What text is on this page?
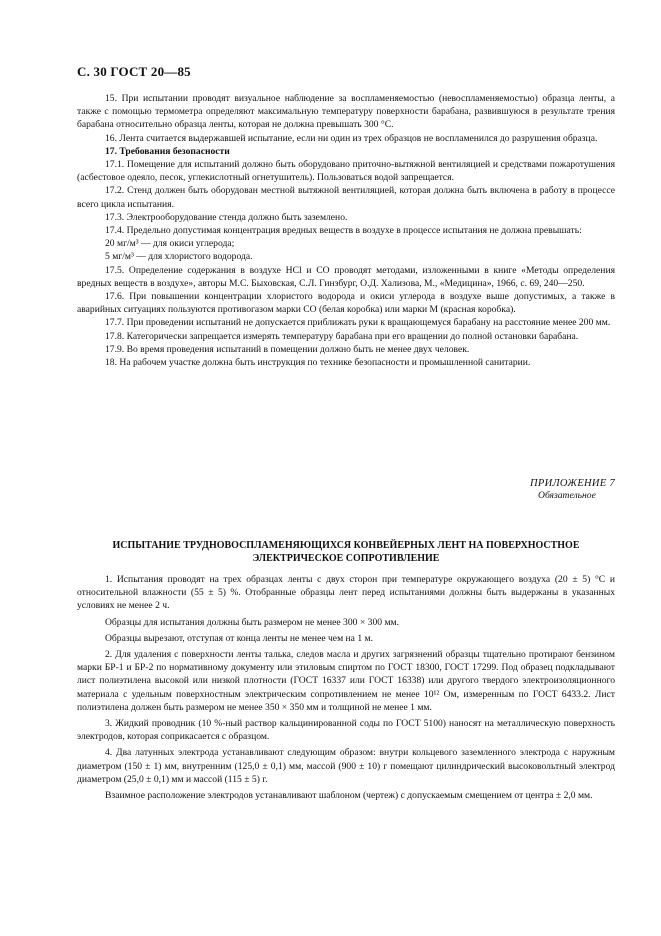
С. 30 ГОСТ 20—85

15. При испытании проводят визуальное наблюдение за воспламеняемостью (невоспламеняемостью) образца ленты, а также с помощью термометра определяют максимальную температуру поверхности барабана, развившуюся в результате трения барабана относительно образца ленты, которая не должна превышать 300 °С.

16. Лента считается выдержавшей испытание, если ни один из трех образцов не воспламенился до разрушения образца.

17. Требования безопасности

17.1. Помещение для испытаний должно быть оборудовано приточно-вытяжной вентиляцией и средствами пожаротушения (асбестовое одеяло, песок, углекислотный огнетушитель). Пользоваться водой запрещается.

17.2. Стенд должен быть оборудован местной вытяжной вентиляцией, которая должна быть включена в работу в процессе всего цикла испытания.

17.3. Электрооборудование стенда должно быть заземлено.

17.4. Предельно допустимая концентрация вредных веществ в воздухе в процессе испытания не должна превышать:

20 мг/м³ — для окиси углерода;

5 мг/м³ — для хлористого водорода.

17.5. Определение содержания в воздухе HCl и CO проводят методами, изложенными в книге «Методы определения вредных веществ в воздухе», авторы М.С. Быховская, С.Л. Гинзбург, О.Д. Хализова, М., «Медицина», 1966, с. 69, 240—250.

17.6. При повышении концентрации хлористого водорода и окиси углерода в воздухе выше допустимых, а также в аварийных ситуациях пользуются противогазом марки CO (белая коробка) или марки М (красная коробка).

17.7. При проведении испытаний не допускается приближать руки к вращающемуся барабану на расстояние менее 200 мм.

17.8. Категорически запрещается измерять температуру барабана при его вращении до полной остановки барабана.

17.9. Во время проведения испытаний в помещении должно быть не менее двух человек.

18. На рабочем участке должна быть инструкция по технике безопасности и промышленной санитарии.

ПРИЛОЖЕНИЕ 7
Обязательное
ИСПЫТАНИЕ ТРУДНОВОСПЛАМЕНЯЮЩИХСЯ КОНВЕЙЕРНЫХ ЛЕНТ НА ПОВЕРХНОСТНОЕ ЭЛЕКТРИЧЕСКОЕ СОПРОТИВЛЕНИЕ

1. Испытания проводят на трех образцах ленты с двух сторон при температуре окружающего воздуха (20 ± 5) °С и относительной влажности (55 ± 5) %. Отобранные образцы лент перед испытаниями должны быть выдержаны в указанных условиях не менее 2 ч.

Образцы для испытания должны быть размером не менее 300 × 300 мм.

Образцы вырезают, отступая от конца ленты не менее чем на 1 м.

2. Для удаления с поверхности ленты талька, следов масла и других загрязнений образцы тщательно протирают бензином марки БР-1 и БР-2 по нормативному документу или этиловым спиртом по ГОСТ 18300, ГОСТ 17299. Под образец подкладывают лист полиэтилена высокой или низкой плотности (ГОСТ 16337 или ГОСТ 16338) или другого твердого электроизоляционного материала с удельным поверхностным электрическим сопротивлением не менее 10¹² Ом, измеренным по ГОСТ 6433.2. Лист полиэтилена должен быть размером не менее 350 × 350 мм и толщиной не менее 1 мм.

3. Жидкий проводник (10 %-ный раствор кальцинированной соды по ГОСТ 5100) наносят на металлическую поверхность электродов, которая соприкасается с образцом.

4. Два латунных электрода устанавливают следующим образом: внутри кольцевого заземленного электрода с наружным диаметром (150 ± 1) мм, внутренним (125,0 ± 0,1) мм, массой (900 ± 10) г помещают цилиндрический высоковольтный электрод диаметром (25,0 ± 0,1) мм и массой (115 ± 5) г.

Взаимное расположение электродов устанавливают шаблоном (чертеж) с допускаемым смещением от центра ± 2,0 мм.
